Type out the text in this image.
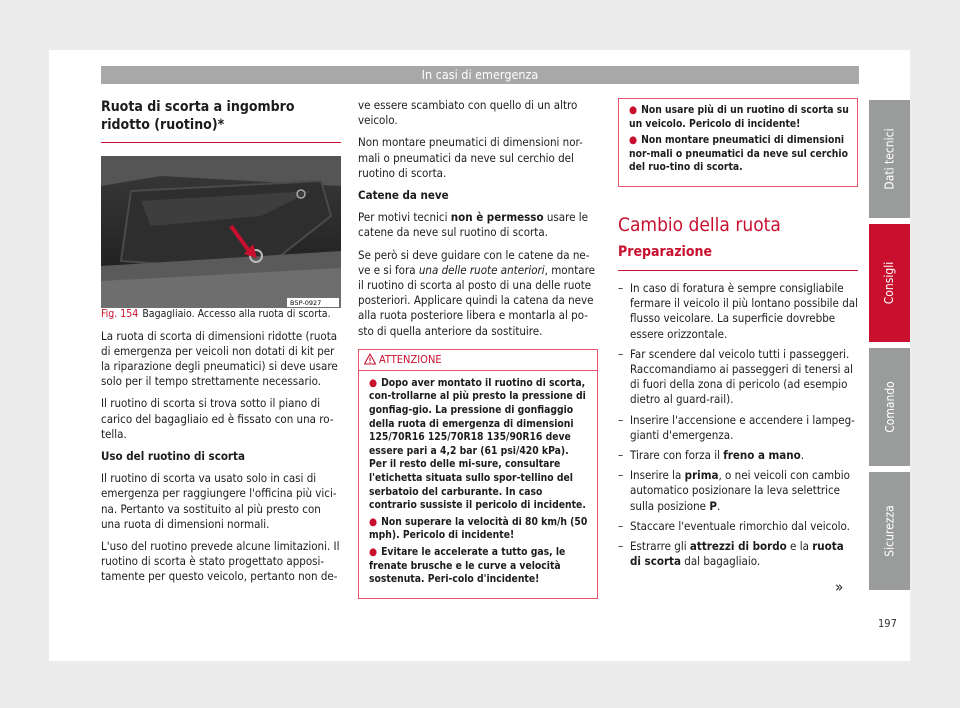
In casi di emergenza
Ruota di scorta a ingombro ridotto (ruotino)*
B5P-0927

Fig. 154 Bagagliaio. Accesso alla ruota di scorta.

La ruota di scorta di dimensioni ridotte (ruota di emergenza per veicoli non dotati di kit per la riparazione degli pneumatici) si deve usare solo per il tempo strettamente necessario.

Il ruotino di scorta si trova sotto il piano di carico del bagagliaio ed è fissato con una ro-tella.

Uso del ruotino di scorta

Il ruotino di scorta va usato solo in casi di emergenza per raggiungere l'officina più vici-na. Pertanto va sostituito al più presto con una ruota di dimensioni normali.

L'uso del ruotino prevede alcune limitazioni. Il ruotino di scorta è stato progettato apposi-tamente per questo veicolo, pertanto non de-

ve essere scambiato con quello di un altro veicolo.

Non montare pneumatici di dimensioni nor-mali o pneumatici da neve sul cerchio del ruotino di scorta.

Catene da neve

Per motivi tecnici non è permesso usare le catene da neve sul ruotino di scorta.

Se però si deve guidare con le catene da ne-ve e si fora una delle ruote anteriori, montare il ruotino di scorta al posto di una delle ruote posteriori. Applicare quindi la catena da neve alla ruota posteriore libera e montarla al po-sto di quella anteriore da sostituire.

ATTENZIONE
● Dopo aver montato il ruotino di scorta, con-trollarne al più presto la pressione di gonfiag-gio. La pressione di gonfiaggio della ruota di emergenza di dimensioni 125/70R16 125/70R18 135/90R16 deve essere pari a 4,2 bar (61 psi/420 kPa). Per il resto delle mi-sure, consultare l'etichetta situata sullo spor-tellino del serbatoio del carburante. In caso contrario sussiste il pericolo di incidente.
● Non superare la velocità di 80 km/h (50 mph). Pericolo di incidente!
● Evitare le accelerate a tutto gas, le frenate brusche e le curve a velocità sostenuta. Peri-colo d'incidente!
● Non usare più di un ruotino di scorta su un veicolo. Pericolo di incidente!
● Non montare pneumatici di dimensioni nor-mali o pneumatici da neve sul cerchio del ruo-tino di scorta.
Cambio della ruota
Preparazione
– In caso di foratura è sempre consigliabile fermare il veicolo il più lontano possibile dal flusso veicolare. La superficie dovrebbe essere orizzontale.
– Far scendere dal veicolo tutti i passeggeri. Raccomandiamo ai passeggeri di tenersi al di fuori della zona di pericolo (ad esempio dietro al guard-rail).
– Inserire l'accensione e accendere i lampeg-gianti d'emergenza.
– Tirare con forza il freno a mano.
– Inserire la prima, o nei veicoli con cambio automatico posizionare la leva selettrice sulla posizione P.
– Staccare l'eventuale rimorchio dal veicolo.
– Estrarre gli attrezzi di bordo e la ruota di scorta dal bagagliaio.
»
Dati tecnici
Consigli
Comando
Sicurezza
197
